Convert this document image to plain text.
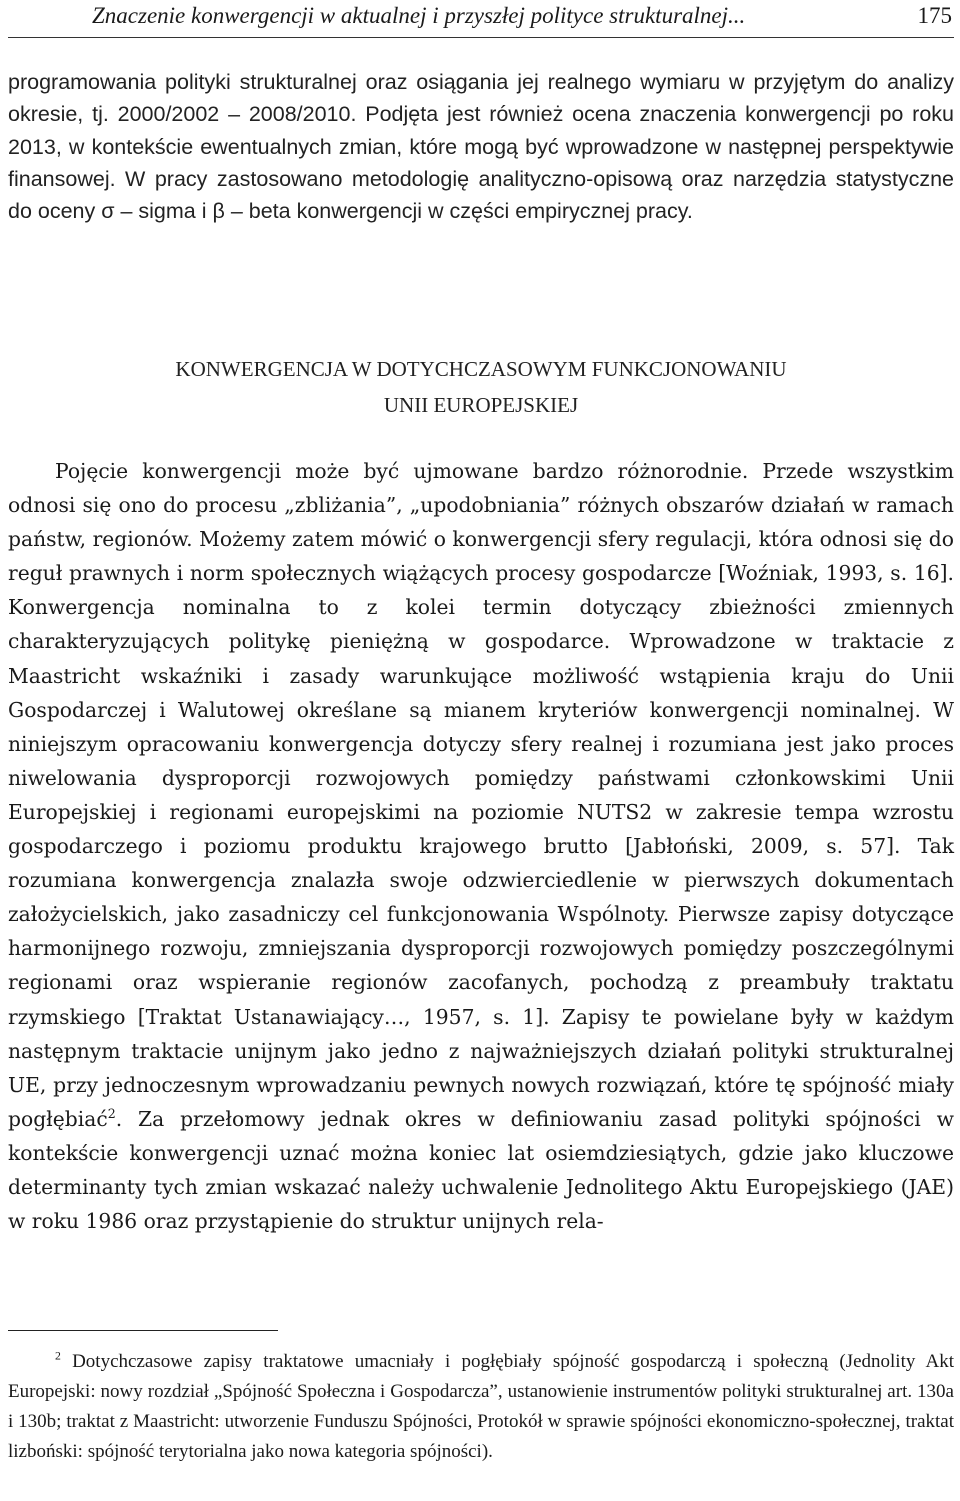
Znaczenie konwergencji w aktualnej i przyszłej polityce strukturalnej...	175

programowania polityki strukturalnej oraz osiągania jej realnego wymiaru w przyjętym do analizy okresie, tj. 2000/2002 – 2008/2010. Podjęta jest również ocena znaczenia konwergencji po roku 2013, w kontekście ewentualnych zmian, które mogą być wprowadzone w następnej perspektywie finansowej. W pracy zastosowano metodologię analityczno-opisową oraz narzędzia statystyczne do oceny σ – sigma i β – beta konwergencji w części empirycznej pracy.

KONWERGENCJA W DOTYCHCZASOWYM FUNKCJONOWANIU
UNII EUROPEJSKIEJ

Pojęcie konwergencji może być ujmowane bardzo różnorodnie. Przede wszystkim odnosi się ono do procesu „zbliżania”, „upodobniania” różnych obszarów działań w ramach państw, regionów. Możemy zatem mówić o konwergencji sfery regulacji, która odnosi się do reguł prawnych i norm społecznych wiążących procesy gospodarcze [Woźniak, 1993, s. 16]. Konwergencja nominalna to z kolei termin dotyczący zbieżności zmiennych charakteryzujących politykę pieniężną w gospodarce. Wprowadzone w traktacie z Maastricht wskaźniki i zasady warunkujące możliwość wstąpienia kraju do Unii Gospodarczej i Walutowej określane są mianem kryteriów konwergencji nominalnej. W niniejszym opracowaniu konwergencja dotyczy sfery realnej i rozumiana jest jako proces niwelowania dysproporcji rozwojowych pomiędzy państwami członkowskimi Unii Europejskiej i regionami europejskimi na poziomie NUTS2 w zakresie tempa wzrostu gospodarczego i poziomu produktu krajowego brutto [Jabłoński, 2009, s. 57]. Tak rozumiana konwergencja znalazła swoje odzwierciedlenie w pierwszych dokumentach założycielskich, jako zasadniczy cel funkcjonowania Wspólnoty. Pierwsze zapisy dotyczące harmonijnego rozwoju, zmniejszania dysproporcji rozwojowych pomiędzy poszczególnymi regionami oraz wspieranie regionów zacofanych, pochodzą z preambuły traktatu rzymskiego [Traktat Ustanawiający…, 1957, s. 1]. Zapisy te powielane były w każdym następnym traktacie unijnym jako jedno z najważniejszych działań polityki strukturalnej UE, przy jednoczesnym wprowadzaniu pewnych nowych rozwiązań, które tę spójność miały pogłębiać$^2$. Za przełomowy jednak okres w definiowaniu zasad polityki spójności w kontekście konwergencji uznać można koniec lat osiemdziesiątych, gdzie jako kluczowe determinanty tych zmian wskazać należy uchwalenie Jednolitego Aktu Europejskiego (JAE) w roku 1986 oraz przystąpienie do struktur unijnych rela-

$^2$ Dotychczasowe zapisy traktatowe umacniały i pogłębiały spójność gospodarczą i społeczną (Jednolity Akt Europejski: nowy rozdział „Spójność Społeczna i Gospodarcza”, ustanowienie instrumentów polityki strukturalnej art. 130a i 130b; traktat z Maastricht: utworzenie Funduszu Spójności, Protokół w sprawie spójności ekonomiczno-społecznej, traktat lizboński: spójność terytorialna jako nowa kategoria spójności).
